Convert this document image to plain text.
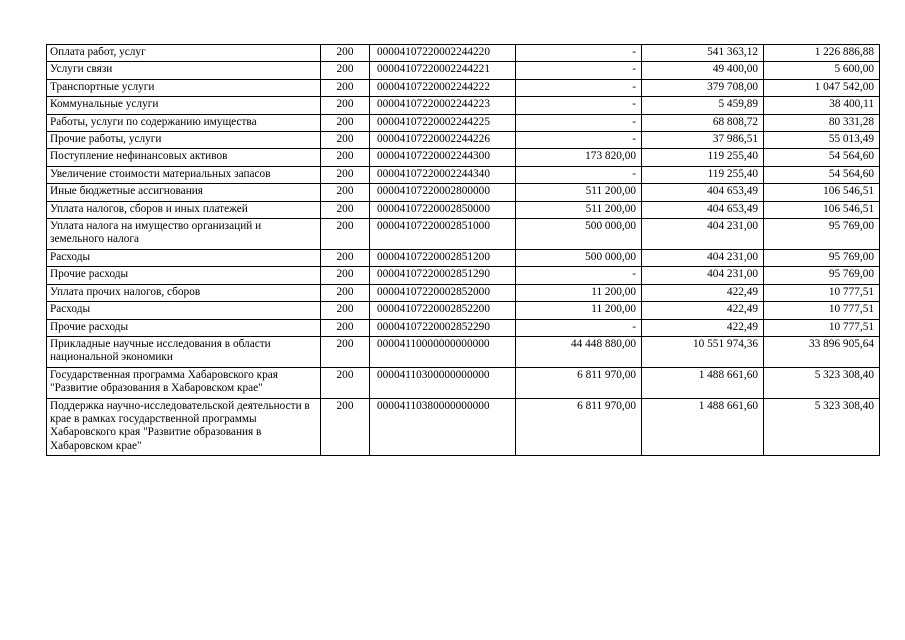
Оплата работ, услуг	200	00004107220002244220	-	541 363,12	1 226 886,88
Услуги связи	200	00004107220002244221	-	49 400,00	5 600,00
Транспортные услуги	200	00004107220002244222	-	379 708,00	1 047 542,00
Коммунальные услуги	200	00004107220002244223	-	5 459,89	38 400,11
Работы, услуги по содержанию имущества	200	00004107220002244225	-	68 808,72	80 331,28
Прочие работы, услуги	200	00004107220002244226	-	37 986,51	55 013,49
Поступление нефинансовых активов	200	00004107220002244300	173 820,00	119 255,40	54 564,60
Увеличение стоимости материальных запасов	200	00004107220002244340	-	119 255,40	54 564,60
Иные бюджетные ассигнования	200	00004107220002800000	511 200,00	404 653,49	106 546,51
Уплата налогов, сборов и иных платежей	200	00004107220002850000	511 200,00	404 653,49	106 546,51
Уплата налога на имущество организаций и земельного налога	200	00004107220002851000	500 000,00	404 231,00	95 769,00
Расходы	200	00004107220002851200	500 000,00	404 231,00	95 769,00
Прочие расходы	200	00004107220002851290	-	404 231,00	95 769,00
Уплата прочих налогов, сборов	200	00004107220002852000	11 200,00	422,49	10 777,51
Расходы	200	00004107220002852200	11 200,00	422,49	10 777,51
Прочие расходы	200	00004107220002852290	-	422,49	10 777,51
Прикладные научные исследования в области национальной экономики	200	00004110000000000000	44 448 880,00	10 551 974,36	33 896 905,64
Государственная программа Хабаровского края "Развитие образования в Хабаровском крае"	200	00004110300000000000	6 811 970,00	1 488 661,60	5 323 308,40
Поддержка научно-исследовательской деятельности в крае в рамках государственной программы Хабаровского края "Развитие образования в Хабаровском крае"	200	00004110380000000000	6 811 970,00	1 488 661,60	5 323 308,40
